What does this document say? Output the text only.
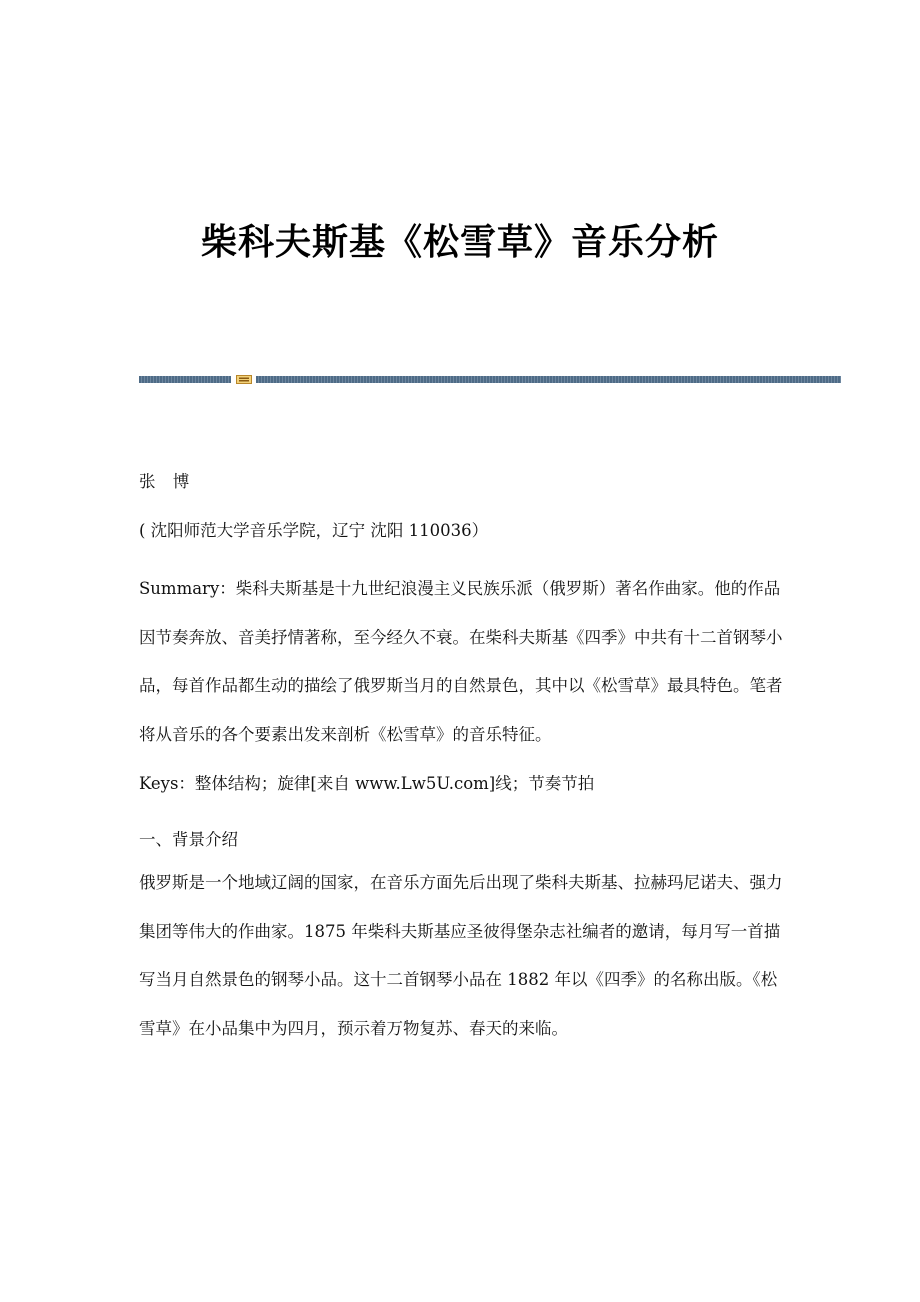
柴科夫斯基《松雪草》音乐分析

张 博

( 沈阳师范大学音乐学院，辽宁 沈阳 110036）

Summary：柴科夫斯基是十九世纪浪漫主义民族乐派（俄罗斯）著名作曲家。他的作品因节奏奔放、音美抒情著称，至今经久不衰。在柴科夫斯基《四季》中共有十二首钢琴小品，每首作品都生动的描绘了俄罗斯当月的自然景色，其中以《松雪草》最具特色。笔者将从音乐的各个要素出发来剖析《松雪草》的音乐特征。

Keys：整体结构；旋律[来自 www.Lw5U.com]线；节奏节拍

一、背景介绍

俄罗斯是一个地域辽阔的国家，在音乐方面先后出现了柴科夫斯基、拉赫玛尼诺夫、强力集团等伟大的作曲家。1875 年柴科夫斯基应圣彼得堡杂志社编者的邀请，每月写一首描写当月自然景色的钢琴小品。这十二首钢琴小品在 1882 年以《四季》的名称出版。《松雪草》在小品集中为四月，预示着万物复苏、春天的来临。
